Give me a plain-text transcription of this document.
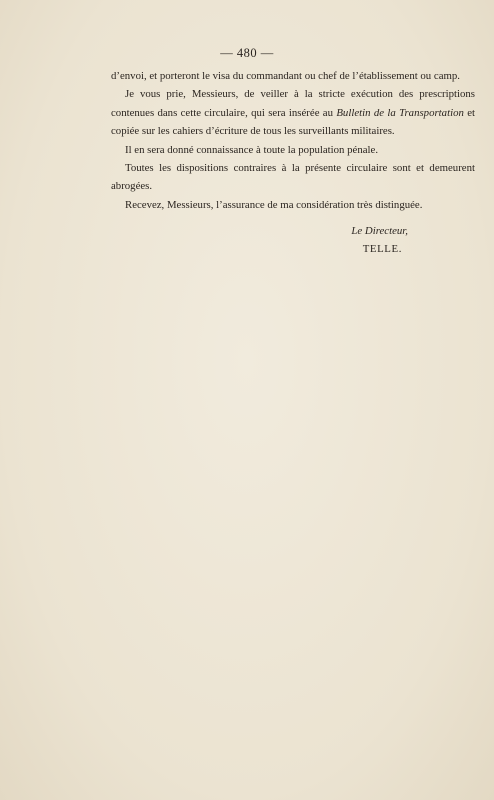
— 480 —

d’envoi, et porteront le visa du commandant ou chef de l’établissement ou camp.

Je vous prie, Messieurs, de veiller à la stricte exécution des prescriptions contenues dans cette circulaire, qui sera insérée au Bulletin de la Transportation et copiée sur les cahiers d’écriture de tous les surveillants militaires.

Il en sera donné connaissance à toute la population pénale.

Toutes les dispositions contraires à la présente circulaire sont et demeurent abrogées.

Recevez, Messieurs, l’assurance de ma considération très distinguée.

Le Directeur,
TELLE.
